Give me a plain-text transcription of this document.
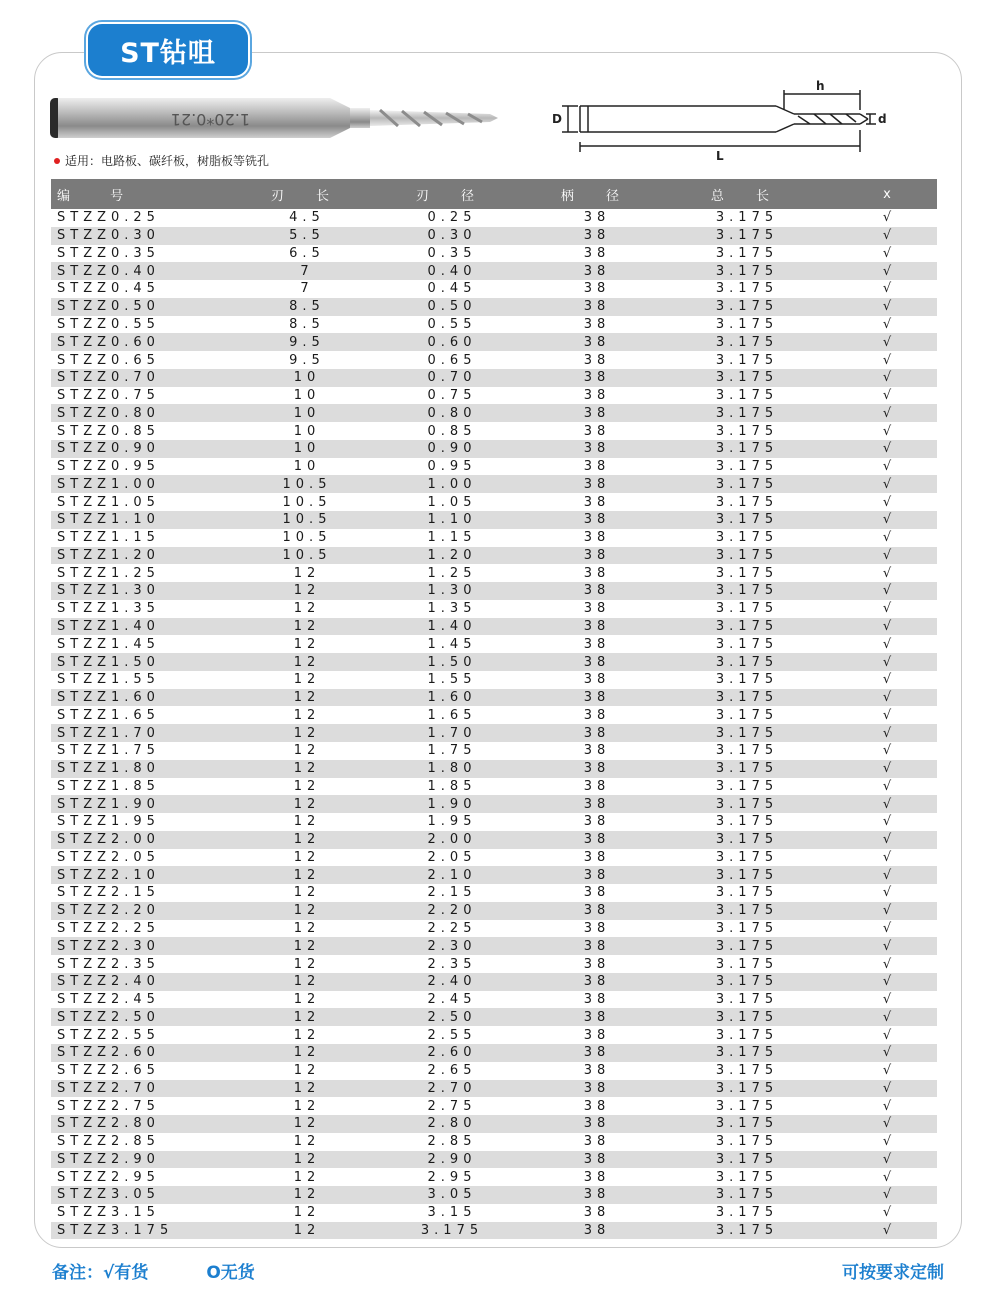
ST钻咀
1.20*0.21
适用：电路板、碳纤板，树脂板等铣孔
h
D	d
L
编 号	刃 长	刃 径	柄 径	总 长	x
STZZ0.25	4.5	0.25	38	3.175	√
STZZ0.30	5.5	0.30	38	3.175	√
STZZ0.35	6.5	0.35	38	3.175	√
STZZ0.40	7	0.40	38	3.175	√
STZZ0.45	7	0.45	38	3.175	√
STZZ0.50	8.5	0.50	38	3.175	√
STZZ0.55	8.5	0.55	38	3.175	√
STZZ0.60	9.5	0.60	38	3.175	√
STZZ0.65	9.5	0.65	38	3.175	√
STZZ0.70	10	0.70	38	3.175	√
STZZ0.75	10	0.75	38	3.175	√
STZZ0.80	10	0.80	38	3.175	√
STZZ0.85	10	0.85	38	3.175	√
STZZ0.90	10	0.90	38	3.175	√
STZZ0.95	10	0.95	38	3.175	√
STZZ1.00	10.5	1.00	38	3.175	√
STZZ1.05	10.5	1.05	38	3.175	√
STZZ1.10	10.5	1.10	38	3.175	√
STZZ1.15	10.5	1.15	38	3.175	√
STZZ1.20	10.5	1.20	38	3.175	√
STZZ1.25	12	1.25	38	3.175	√
STZZ1.30	12	1.30	38	3.175	√
STZZ1.35	12	1.35	38	3.175	√
STZZ1.40	12	1.40	38	3.175	√
STZZ1.45	12	1.45	38	3.175	√
STZZ1.50	12	1.50	38	3.175	√
STZZ1.55	12	1.55	38	3.175	√
STZZ1.60	12	1.60	38	3.175	√
STZZ1.65	12	1.65	38	3.175	√
STZZ1.70	12	1.70	38	3.175	√
STZZ1.75	12	1.75	38	3.175	√
STZZ1.80	12	1.80	38	3.175	√
STZZ1.85	12	1.85	38	3.175	√
STZZ1.90	12	1.90	38	3.175	√
STZZ1.95	12	1.95	38	3.175	√
STZZ2.00	12	2.00	38	3.175	√
STZZ2.05	12	2.05	38	3.175	√
STZZ2.10	12	2.10	38	3.175	√
STZZ2.15	12	2.15	38	3.175	√
STZZ2.20	12	2.20	38	3.175	√
STZZ2.25	12	2.25	38	3.175	√
STZZ2.30	12	2.30	38	3.175	√
STZZ2.35	12	2.35	38	3.175	√
STZZ2.40	12	2.40	38	3.175	√
STZZ2.45	12	2.45	38	3.175	√
STZZ2.50	12	2.50	38	3.175	√
STZZ2.55	12	2.55	38	3.175	√
STZZ2.60	12	2.60	38	3.175	√
STZZ2.65	12	2.65	38	3.175	√
STZZ2.70	12	2.70	38	3.175	√
STZZ2.75	12	2.75	38	3.175	√
STZZ2.80	12	2.80	38	3.175	√
STZZ2.85	12	2.85	38	3.175	√
STZZ2.90	12	2.90	38	3.175	√
STZZ2.95	12	2.95	38	3.175	√
STZZ3.05	12	3.05	38	3.175	√
STZZ3.15	12	3.15	38	3.175	√
STZZ3.175	12	3.175	38	3.175	√
备注：√有货	O无货	可按要求定制
